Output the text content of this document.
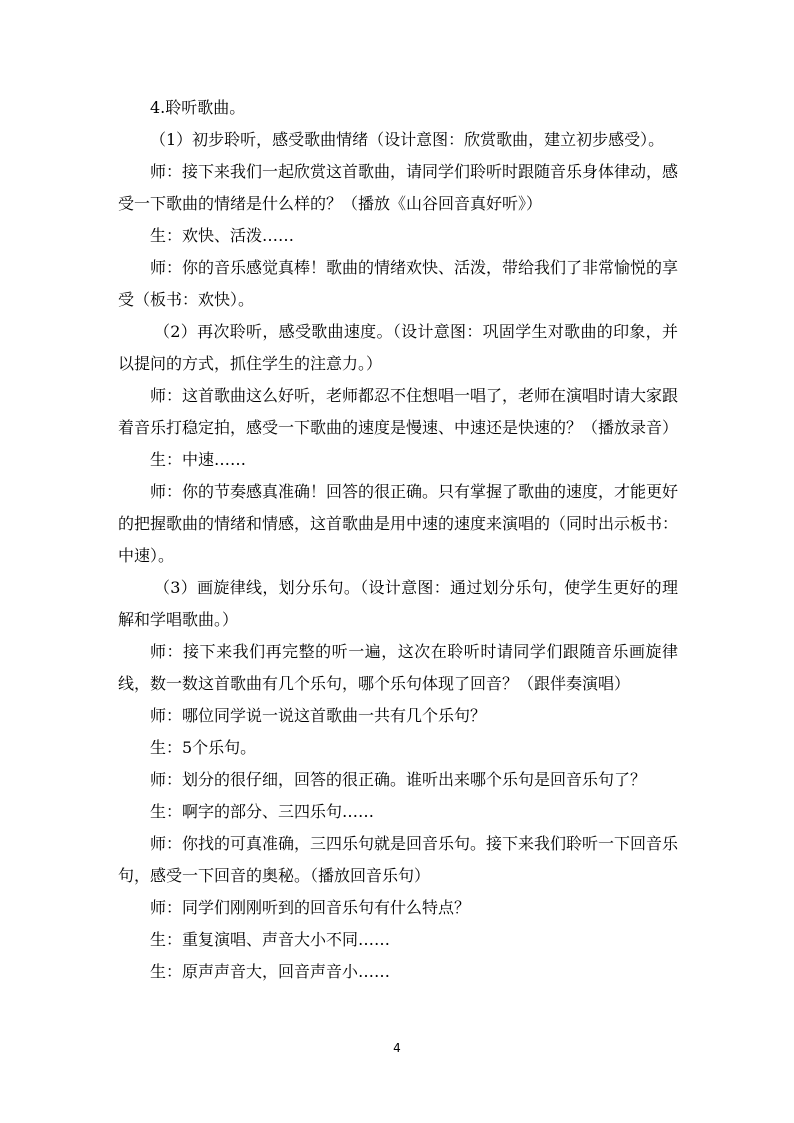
4.聆听歌曲。

（1）初步聆听，感受歌曲情绪（设计意图：欣赏歌曲，建立初步感受）。

师：接下来我们一起欣赏这首歌曲，请同学们聆听时跟随音乐身体律动，感受一下歌曲的情绪是什么样的？（播放《山谷回音真好听》）

生：欢快、活泼……

师：你的音乐感觉真棒！歌曲的情绪欢快、活泼，带给我们了非常愉悦的享受（板书：欢快）。

（2）再次聆听，感受歌曲速度。（设计意图：巩固学生对歌曲的印象，并以提问的方式，抓住学生的注意力。）

师：这首歌曲这么好听，老师都忍不住想唱一唱了，老师在演唱时请大家跟着音乐打稳定拍，感受一下歌曲的速度是慢速、中速还是快速的？（播放录音）

生：中速……

师：你的节奏感真准确！回答的很正确。只有掌握了歌曲的速度，才能更好的把握歌曲的情绪和情感，这首歌曲是用中速的速度来演唱的（同时出示板书：中速）。

（3）画旋律线，划分乐句。（设计意图：通过划分乐句，使学生更好的理解和学唱歌曲。）

师：接下来我们再完整的听一遍，这次在聆听时请同学们跟随音乐画旋律线，数一数这首歌曲有几个乐句，哪个乐句体现了回音？（跟伴奏演唱）

师：哪位同学说一说这首歌曲一共有几个乐句？

生：5个乐句。

师：划分的很仔细，回答的很正确。谁听出来哪个乐句是回音乐句了？

生：啊字的部分、三四乐句……

师：你找的可真准确，三四乐句就是回音乐句。接下来我们聆听一下回音乐句，感受一下回音的奥秘。（播放回音乐句）

师：同学们刚刚听到的回音乐句有什么特点？

生：重复演唱、声音大小不同……

生：原声声音大，回音声音小……

4
